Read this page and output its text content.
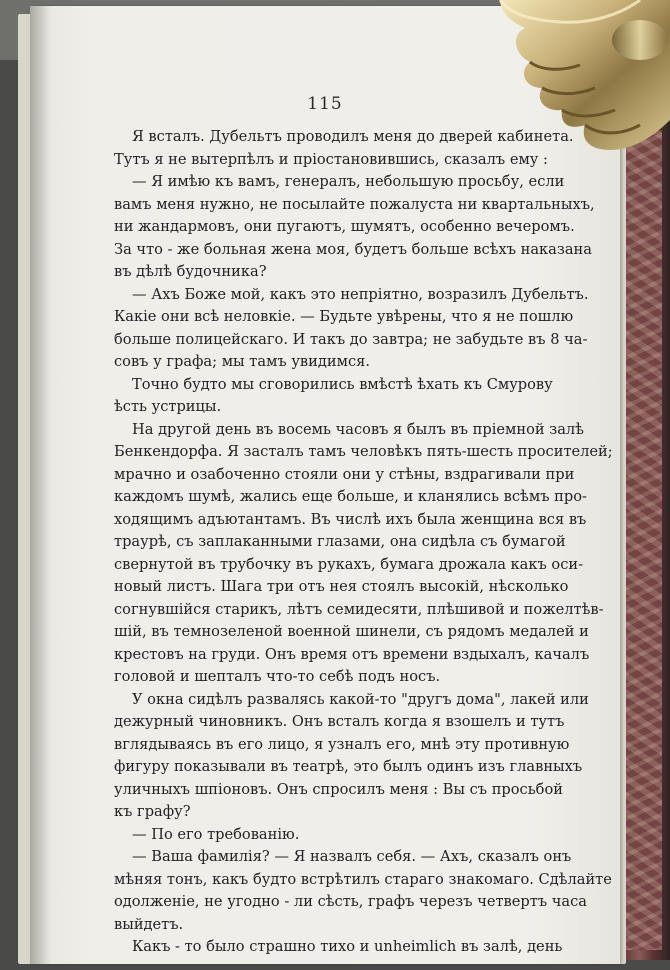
115
Я всталъ. Дубельтъ проводилъ меня до дверей кабинета.
Тутъ я не вытерпѣлъ и пріостановившись, сказалъ ему :
— Я имѣю къ вамъ, генералъ, небольшую просьбу, если
вамъ меня нужно, не посылайте пожалуста ни квартальныхъ,
ни жандармовъ, они пугаютъ, шумятъ, особенно вечеромъ.
За что - же больная жена моя, будетъ больше всѣхъ наказана
въ дѣлѣ будочника?
— Ахъ Боже мой, какъ это непріятно, возразилъ Дубельтъ.
Какіе они всѣ неловкіе. — Будьте увѣрены, что я не пошлю
больше полицейскаго. И такъ до завтра; не забудьте въ 8 ча-
совъ у графа; мы тамъ увидимся.
Точно будто мы сговорились вмѣстѣ ѣхать къ Смурову
ѣсть устрицы.
На другой день въ восемь часовъ я былъ въ пріемной залѣ
Бенкендорфа. Я засталъ тамъ человѣкъ пять-шесть просителей;
мрачно и озабоченно стояли они у стѣны, вздрагивали при
каждомъ шумѣ, жались еще больше, и кланялись всѣмъ про-
ходящимъ адъютантамъ. Въ числѣ ихъ была женщина вся въ
траурѣ, съ заплаканными глазами, она сидѣла съ бумагой
свернутой въ трубочку въ рукахъ, бумага дрожала какъ оси-
новый листъ. Шага три отъ нея стоялъ высокій, нѣсколько
согнувшійся старикъ, лѣтъ семидесяти, плѣшивой и пожелтѣв-
шій, въ темнозеленой военной шинели, съ рядомъ медалей и
крестовъ на груди. Онъ время отъ времени вздыхалъ, качалъ
головой и шепталъ что-то себѣ подъ носъ.
У окна сидѣлъ развалясь какой-то "другъ дома", лакей или
дежурный чиновникъ. Онъ всталъ когда я взошелъ и тутъ
вглядываясь въ его лицо, я узналъ его, мнѣ эту противную
фигуру показывали въ театрѣ, это былъ одинъ изъ главныхъ
уличныхъ шпіоновъ. Онъ спросилъ меня : Вы съ просьбой
къ графу?
— По его требованію.
— Ваша фамилія? — Я назвалъ себя. — Ахъ, сказалъ онъ
мѣняя тонъ, какъ будто встрѣтилъ стараго знакомаго. Сдѣлайте
одолженіе, не угодно - ли сѣсть, графъ черезъ четвертъ часа
выйдетъ.
Какъ - то было страшно тихо и unheimlich въ залѣ, день
